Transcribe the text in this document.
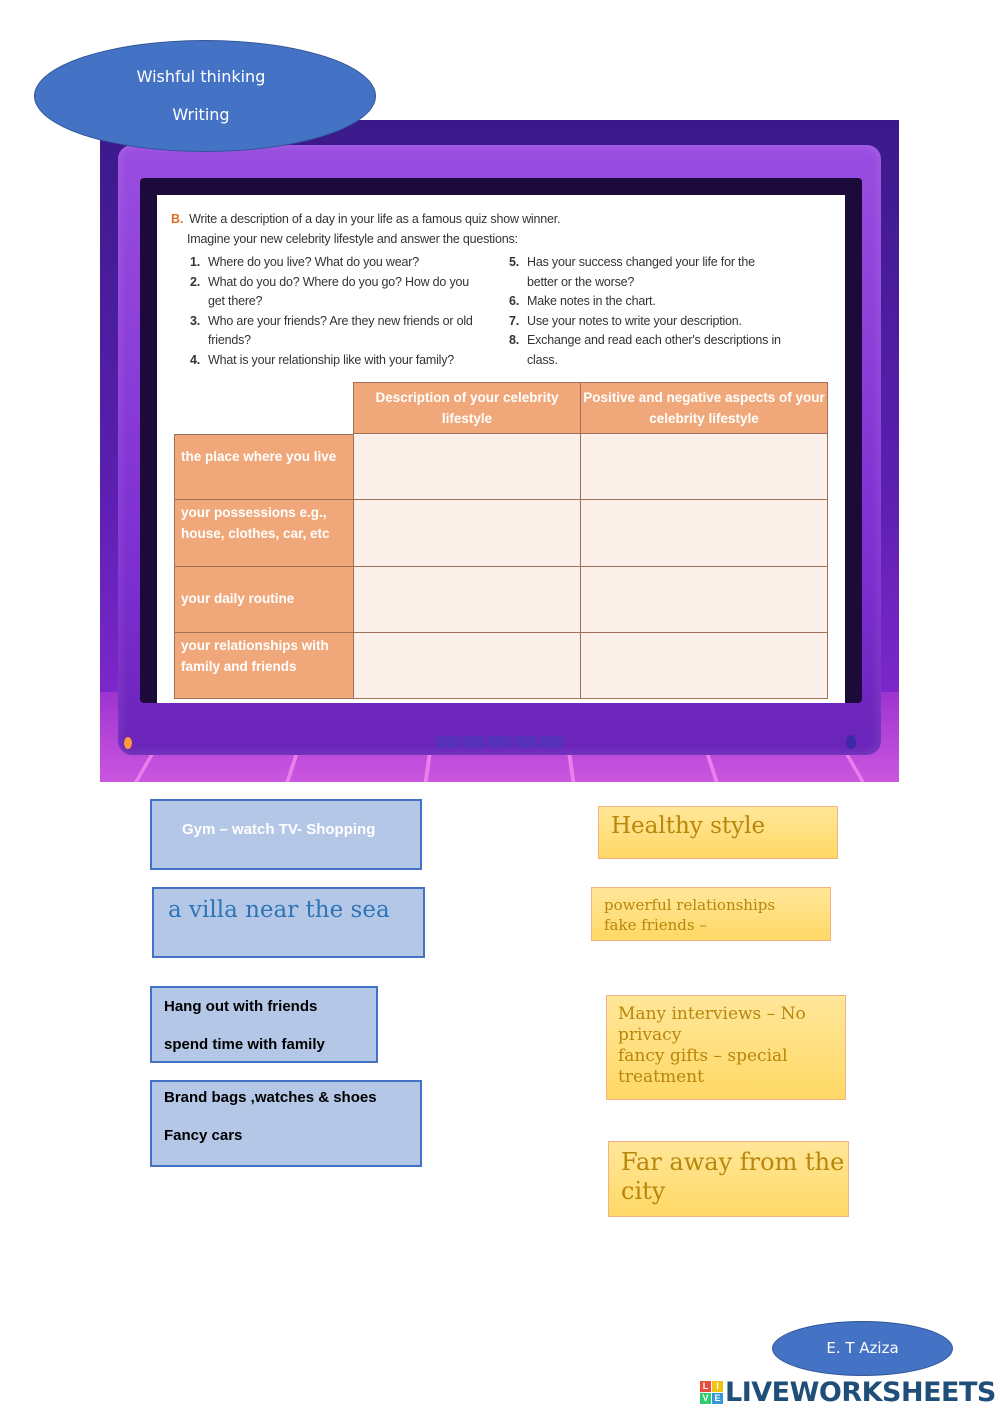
Wishful thinking
Writing
B. Write a description of a day in your life as a famous quiz show winner.
Imagine your new celebrity lifestyle and answer the questions:
1. Where do you live? What do you wear?
2. What do you do? Where do you go? How do you get there?
3. Who are your friends? Are they new friends or old friends?
4. What is your relationship like with your family?
5. Has your success changed your life for the better or the worse?
6. Make notes in the chart.
7. Use your notes to write your description.
8. Exchange and read each other's descriptions in class.
Description of your celebrity lifestyle
Positive and negative aspects of your celebrity lifestyle
the place where you live
your possessions e.g., house, clothes, car, etc
your daily routine
your relationships with family and friends
Gym – watch TV- Shopping
a villa near the sea
Hang out with friends
spend time with family
Brand bags ,watches & shoes
Fancy cars
Healthy style
powerful relationships
fake friends –
Many interviews – No privacy
fancy gifts – special treatment
Far away from the city
E. T Aziza
L I
V E LIVEWORKSHEETS
